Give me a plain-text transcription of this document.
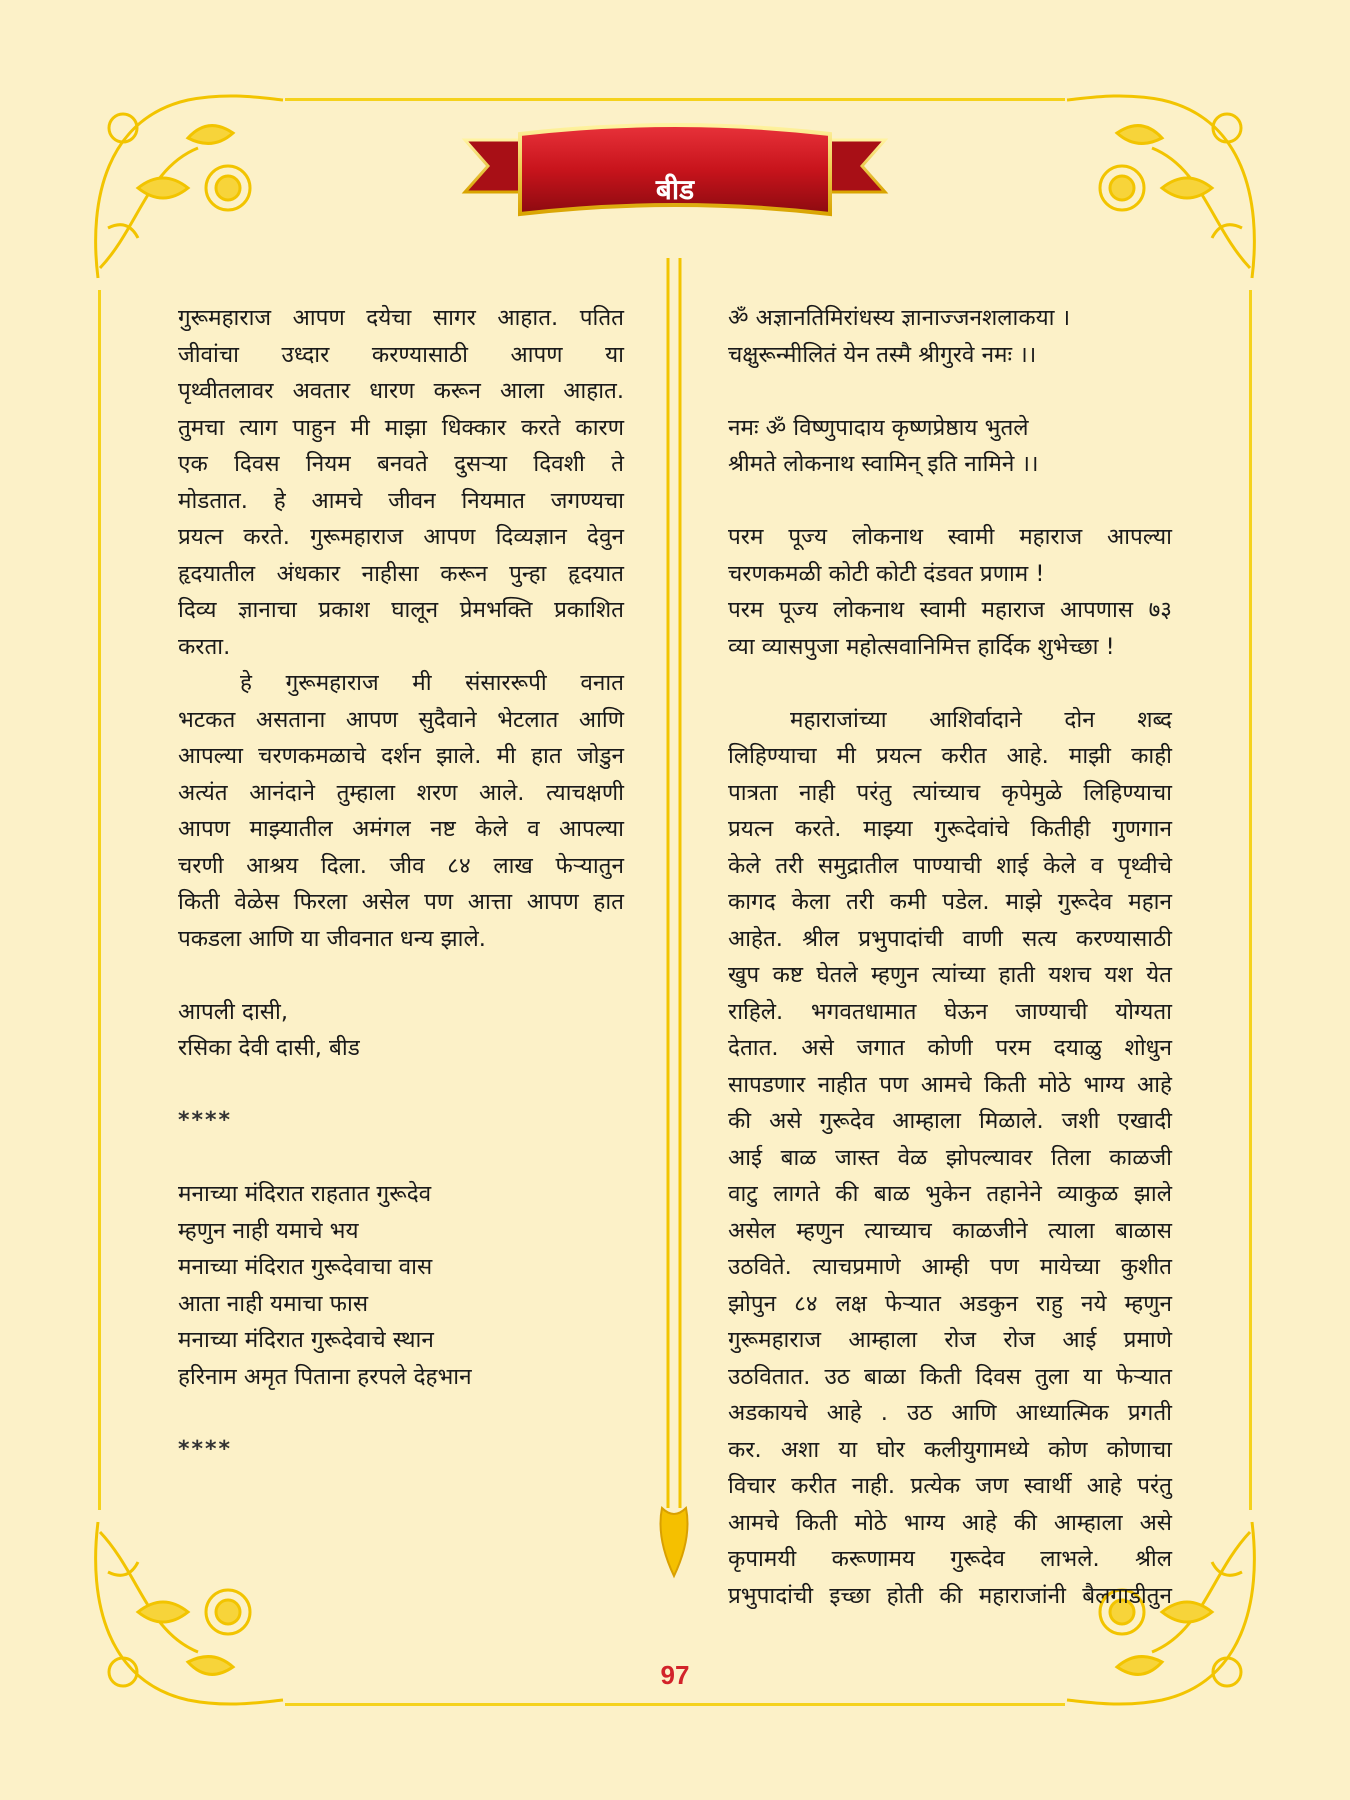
बीड

गुरूमहाराज आपण दयेचा सागर आहात. पतित

जीवांचा उध्दार करण्यासाठी आपण या

पृथ्वीतलावर अवतार धारण करून आला आहात.

तुमचा त्याग पाहुन मी माझा धिक्कार करते कारण

एक दिवस नियम बनवते दुसऱ्या दिवशी ते

मोडतात. हे आमचे जीवन नियमात जगण्यचा

प्रयत्न करते. गुरूमहाराज आपण दिव्यज्ञान देवुन

हृदयातील अंधकार नाहीसा करून पुन्हा हृदयात

दिव्य ज्ञानाचा प्रकाश घालून प्रेमभक्ति प्रकाशित

करता.

हे गुरूमहाराज मी संसाररूपी वनात

भटकत असताना आपण सुदैवाने भेटलात आणि

आपल्या चरणकमळाचे दर्शन झाले. मी हात जोडुन

अत्यंत आनंदाने तुम्हाला शरण आले. त्याचक्षणी

आपण माझ्यातील अमंगल नष्ट केले व आपल्या

चरणी आश्रय दिला. जीव ८४ लाख फेऱ्यातुन

किती वेळेस फिरला असेल पण आत्ता आपण हात

पकडला आणि या जीवनात धन्य झाले.

आपली दासी,

रसिका देवी दासी, बीड

****

मनाच्या मंदिरात राहतात गुरूदेव

म्हणुन नाही यमाचे भय

मनाच्या मंदिरात गुरूदेवाचा वास

आता नाही यमाचा फास

मनाच्या मंदिरात गुरूदेवाचे स्थान

हरिनाम अमृत पिताना हरपले देहभान

****

ॐ अज्ञानतिमिरांधस्य ज्ञानाज्जनशलाकया ।

चक्षुरून्मीलितं येन तस्मै श्रीगुरवे नमः ।।

नमः ॐ विष्णुपादाय कृष्णप्रेष्ठाय भुतले

श्रीमते लोकनाथ स्वामिन् इति नामिने ।।

परम पूज्य लोकनाथ स्वामी महाराज आपल्या

चरणकमळी कोटी कोटी दंडवत प्रणाम !

परम पूज्य लोकनाथ स्वामी महाराज आपणास ७३

व्या व्यासपुजा महोत्सवानिमित्त हार्दिक शुभेच्छा !

महाराजांच्या आशिर्वादाने दोन शब्द

लिहिण्याचा मी प्रयत्न करीत आहे. माझी काही

पात्रता नाही परंतु त्यांच्याच कृपेमुळे लिहिण्याचा

प्रयत्न करते. माझ्या गुरूदेवांचे कितीही गुणगान

केले तरी समुद्रातील पाण्याची शाई केले व पृथ्वीचे

कागद केला तरी कमी पडेल. माझे गुरूदेव महान

आहेत. श्रील प्रभुपादांची वाणी सत्य करण्यासाठी

खुप कष्ट घेतले म्हणुन त्यांच्या हाती यशच यश येत

राहिले. भगवतधामात घेऊन जाण्याची योग्यता

देतात. असे जगात कोणी परम दयाळु शोधुन

सापडणार नाहीत पण आमचे किती मोठे भाग्य आहे

की असे गुरूदेव आम्हाला मिळाले. जशी एखादी

आई बाळ जास्त वेळ झोपल्यावर तिला काळजी

वाटु लागते की बाळ भुकेन तहानेने व्याकुळ झाले

असेल म्हणुन त्याच्याच काळजीने त्याला बाळास

उठविते. त्याचप्रमाणे आम्ही पण मायेच्या कुशीत

झोपुन ८४ लक्ष फेऱ्यात अडकुन राहु नये म्हणुन

गुरूमहाराज आम्हाला रोज रोज आई प्रमाणे

उठवितात. उठ बाळा किती दिवस तुला या फेऱ्यात

अडकायचे आहे . उठ आणि आध्यात्मिक प्रगती

कर. अशा या घोर कलीयुगामध्ये कोण कोणाचा

विचार करीत नाही. प्रत्येक जण स्वार्थी आहे परंतु

आमचे किती मोठे भाग्य आहे की आम्हाला असे

कृपामयी करूणामय गुरूदेव लाभले. श्रील

प्रभुपादांची इच्छा होती की महाराजांनी बैलगाडीतुन

97
